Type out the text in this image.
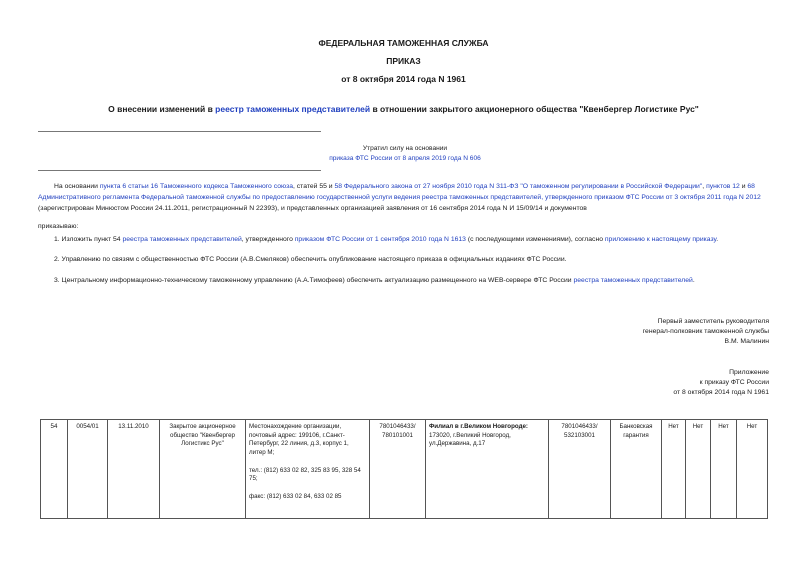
ФЕДЕРАЛЬНАЯ ТАМОЖЕННАЯ СЛУЖБА
ПРИКАЗ
от 8 октября 2014 года N 1961
О внесении изменений в реестр таможенных представителей в отношении закрытого акционерного общества "Квенбергер Логистике Рус"
Утратил силу на основании
приказа ФТС России от 8 апреля 2019 года N 606
На основании пункта 6 статьи 16 Таможенного кодекса Таможенного союза, статей 55 и 58 Федерального закона от 27 ноября 2010 года N 311-ФЗ "О таможенном регулировании в Российской Федерации", пунктов 12 и 68 Административного регламента Федеральной таможенной службы по предоставлению государственной услуги ведения реестра таможенных представителей, утвержденного приказом ФТС России от 3 октября 2011 года N 2012 (зарегистрирован Минюстом России 24.11.2011, регистрационный N 22393), и представленных организацией заявления от 16 сентября 2014 года N И 15/09/14 и документов
приказываю:
1. Изложить пункт 54 реестра таможенных представителей, утвержденного приказом ФТС России от 1 сентября 2010 года N 1613 (с последующими изменениями), согласно приложению к настоящему приказу.
2. Управлению по связям с общественностью ФТС России (А.В.Смеляков) обеспечить опубликование настоящего приказа в официальных изданиях ФТС России.
3. Центральному информационно-техническому таможенному управлению (А.А.Тимофеев) обеспечить актуализацию размещенного на WEB-сервере ФТС России реестра таможенных представителей.
Первый заместитель руководителя
генерал-полковник таможенной службы
В.М. Малинин
Приложение
к приказу ФТС России
от 8 октября 2014 года N 1961
54	0054/01	13.11.2010	Закрытое акционерное общество "Квенбергер Логистикс Рус"	Местонахождение организации, почтовый адрес: 199106, г.Санкт-Петербург, 22 линия, д.3, корпус 1, литер М;
тел.: (812) 633 02 82, 325 83 95, 328 54 75;
факс: (812) 633 02 84, 633 02 85	7801046433/ 780101001	Филиал в г.Великом Новгороде: 173020, г.Великий Новгород, ул.Державина, д.17	7801046433/ 532103001	Банковская гарантия	Нет	Нет	Нет	Нет
